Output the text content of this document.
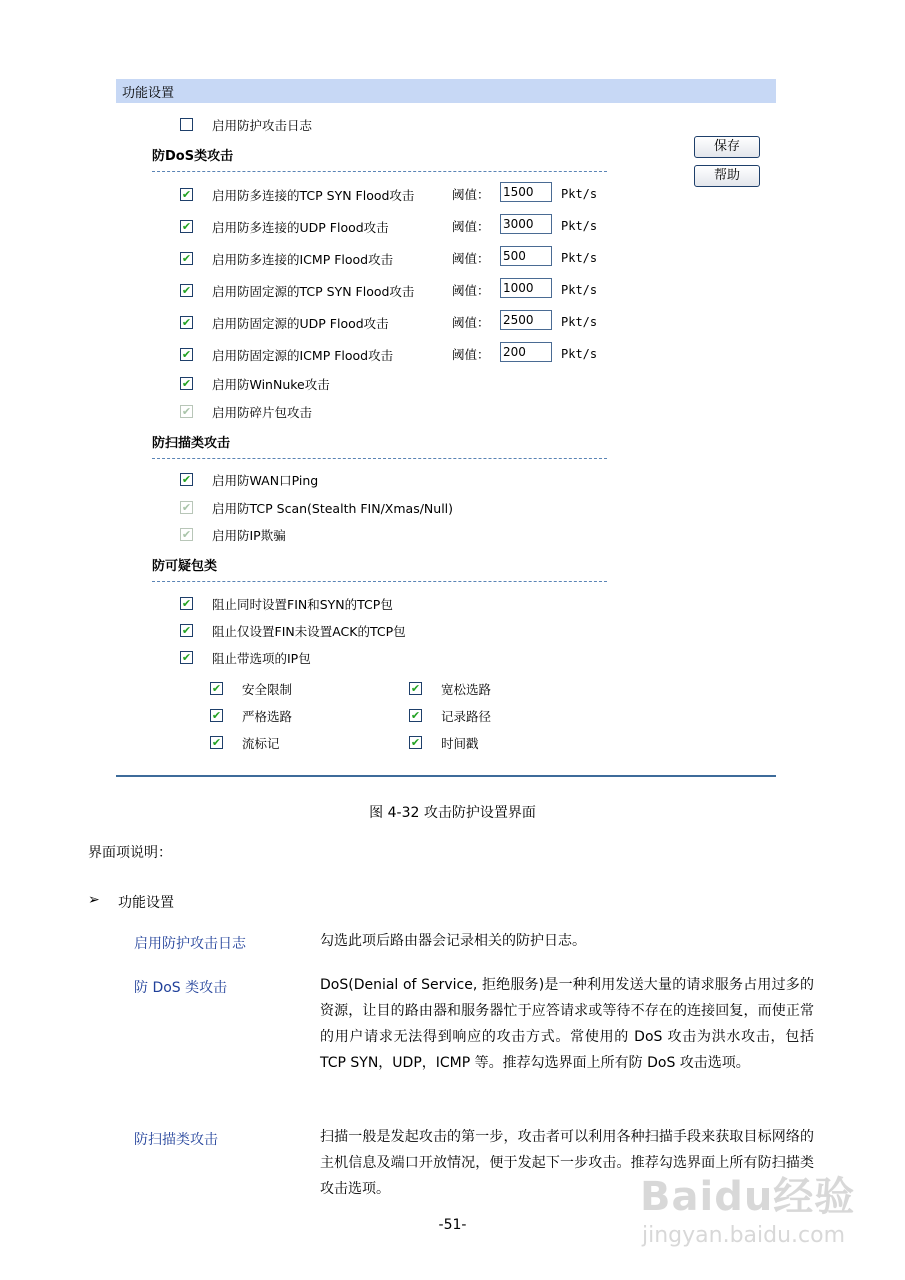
功能设置
启用防护攻击日志
保存
帮助
防DoS类攻击
✔ 启用防多连接的TCP SYN Flood攻击	阈值： 1500	Pkt/s
✔ 启用防多连接的UDP Flood攻击	阈值： 3000	Pkt/s
✔ 启用防多连接的ICMP Flood攻击	阈值： 500	Pkt/s
✔ 启用防固定源的TCP SYN Flood攻击	阈值： 1000	Pkt/s
✔ 启用防固定源的UDP Flood攻击	阈值： 2500	Pkt/s
✔ 启用防固定源的ICMP Flood攻击	阈值： 200	Pkt/s
✔ 启用防WinNuke攻击
✔ 启用防碎片包攻击
防扫描类攻击
✔ 启用防WAN口Ping
✔ 启用防TCP Scan(Stealth FIN/Xmas/Null)
✔ 启用防IP欺骗
防可疑包类
✔ 阻止同时设置FIN和SYN的TCP包
✔ 阻止仅设置FIN未设置ACK的TCP包
✔ 阻止带选项的IP包
✔ 安全限制	✔ 宽松选路
✔ 严格选路	✔ 记录路径
✔ 流标记	✔ 时间戳
图 4-32 攻击防护设置界面
界面项说明：
➢ 功能设置
启用防护攻击日志	勾选此项后路由器会记录相关的防护日志。
防 DoS 类攻击	DoS(Denial of Service, 拒绝服务)是一种利用发送大量的请求服务占用过多的资源，让目的路由器和服务器忙于应答请求或等待不存在的连接回复，而使正常的用户请求无法得到响应的攻击方式。常使用的 DoS 攻击为洪水攻击，包括 TCP SYN，UDP，ICMP 等。推荐勾选界面上所有防 DoS 攻击选项。
防扫描类攻击	扫描一般是发起攻击的第一步，攻击者可以利用各种扫描手段来获取目标网络的主机信息及端口开放情况，便于发起下一步攻击。推荐勾选界面上所有防扫描类攻击选项。
-51-
Baidu经验
jingyan.baidu.com
